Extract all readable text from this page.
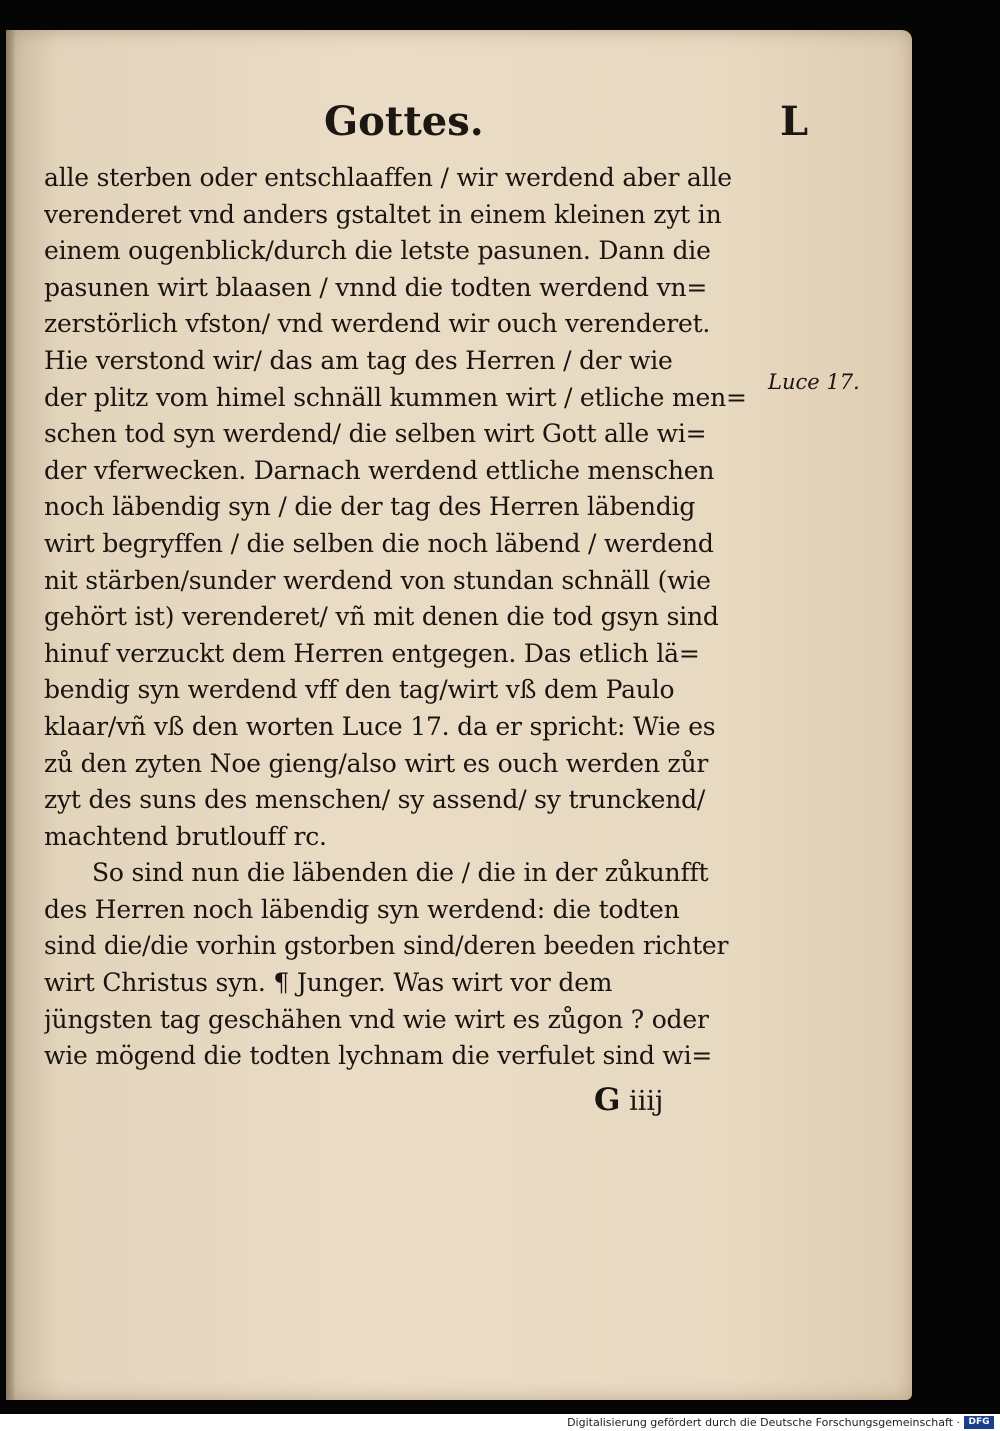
Gottes.	L
Luce 17.
alle sterben oder entschlaaffen / wir werdend aber alle
verenderet vnd anders gstaltet in einem kleinen zyt in
einem ougenblick/durch die letste pasunen. Dann die
pasunen wirt blaasen / vnnd die todten werdend vn=
zerstörlich vfston/ vnd werdend wir ouch verenderet.
Hie verstond wir/ das am tag des Herren / der wie
der plitz vom himel schnäll kummen wirt / etliche men=
schen tod syn werdend/ die selben wirt Gott alle wi=
der vferwecken. Darnach werdend ettliche menschen
noch läbendig syn / die der tag des Herren läbendig
wirt begryffen / die selben die noch läbend / werdend
nit stärben/sunder werdend von stundan schnäll (wie
gehört ist) verenderet/ vñ mit denen die tod gsyn sind
hinuf verzuckt dem Herren entgegen. Das etlich lä=
bendig syn werdend vff den tag/wirt vß dem Paulo
klaar/vñ vß den worten Luce 17. da er spricht: Wie es
zů den zyten Noe gieng/also wirt es ouch werden zůr
zyt des suns des menschen/ sy assend/ sy trunckend/
machtend brutlouff rc.
So sind nun die läbenden die / die in der zůkunfft
des Herren noch läbendig syn werdend: die todten
sind die/die vorhin gstorben sind/deren beeden richter
wirt Christus syn. ¶ Junger. Was wirt vor dem
jüngsten tag geschähen vnd wie wirt es zůgon ? oder
wie mögend die todten lychnam die verfulet sind wi=
G iiij
Digitalisierung gefördert durch die Deutsche Forschungsgemeinschaft · DFG
